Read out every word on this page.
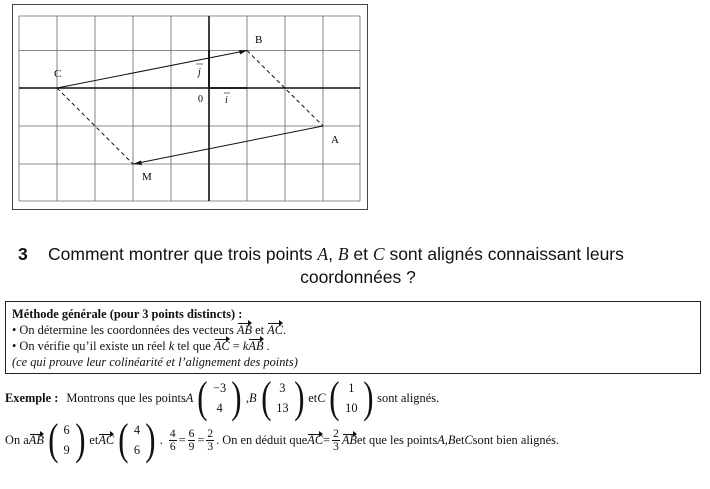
B
C
A
M
0 i
j
3 Comment montrer que trois points A, B et C sont alignés connaissant leurs
coordonnées ?
Méthode générale (pour 3 points distincts) :
• On détermine les coordonnées des vecteurs AB et AC.
• On vérifie qu’il existe un réel k tel que AC = kAB .
(ce qui prouve leur colinéarité et l’alignement des points)
Exemple : Montrons que les points A ( −3
4 ) , B ( 3
13 ) et C ( 1
10 ) sont alignés.
On a AB ( 6
9 ) et AC ( 4
6 ) . $\frac{4}{6} = \frac{6}{9} = \frac{2}{3}$ . On en déduit que AC = $\frac{2}{3}$ AB et que les points A , B et C sont bien alignés.
